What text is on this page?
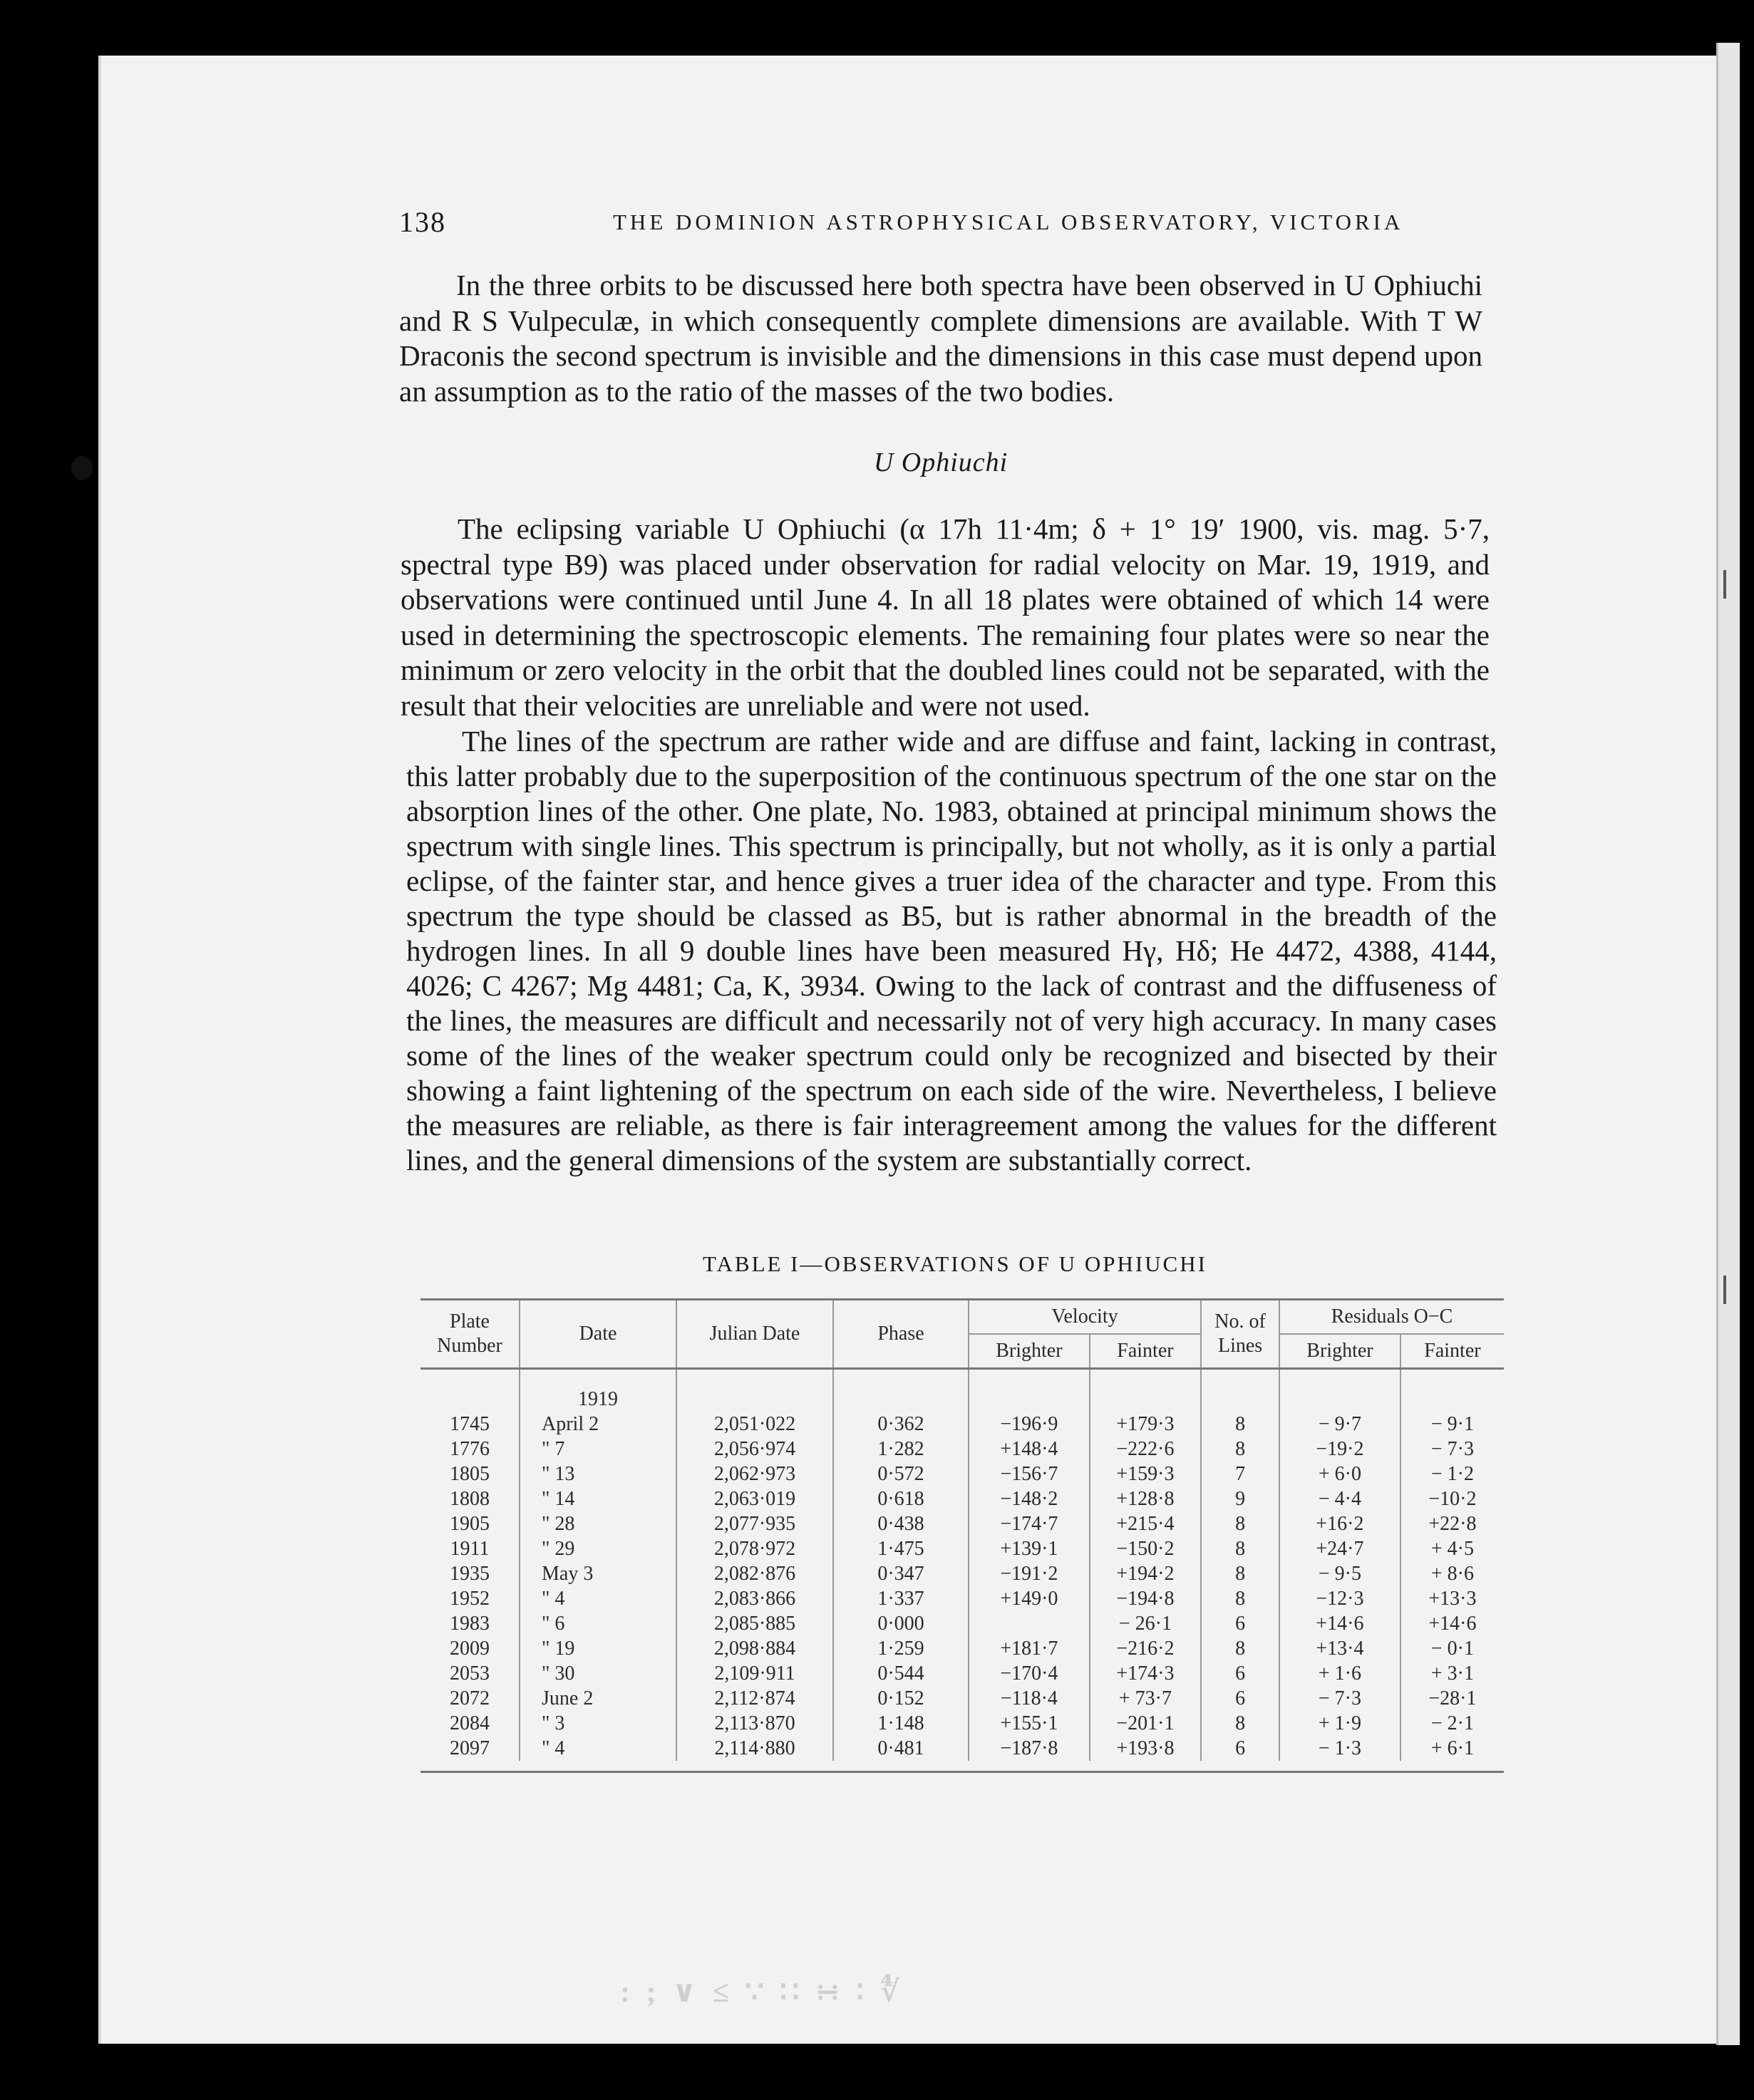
138	THE DOMINION ASTROPHYSICAL OBSERVATORY, VICTORIA

In the three orbits to be discussed here both spectra have been observed in U Ophiuchi and R S Vulpeculæ, in which consequently complete dimensions are available. With T W Draconis the second spectrum is invisible and the dimensions in this case must depend upon an assumption as to the ratio of the masses of the two bodies.

U Ophiuchi

The eclipsing variable U Ophiuchi (α 17h 11·4m; δ + 1° 19′ 1900, vis. mag. 5·7, spectral type B9) was placed under observation for radial velocity on Mar. 19, 1919, and observations were continued until June 4. In all 18 plates were obtained of which 14 were used in determining the spectroscopic elements. The remaining four plates were so near the minimum or zero velocity in the orbit that the doubled lines could not be separated, with the result that their velocities are unreliable and were not used.

The lines of the spectrum are rather wide and are diffuse and faint, lacking in contrast, this latter probably due to the superposition of the continuous spectrum of the one star on the absorption lines of the other. One plate, No. 1983, obtained at principal minimum shows the spectrum with single lines. This spectrum is principally, but not wholly, as it is only a partial eclipse, of the fainter star, and hence gives a truer idea of the character and type. From this spectrum the type should be classed as B5, but is rather abnormal in the breadth of the hydrogen lines. In all 9 double lines have been measured Hγ, Hδ; He 4472, 4388, 4144, 4026; C 4267; Mg 4481; Ca, K, 3934. Owing to the lack of contrast and the diffuseness of the lines, the measures are difficult and necessarily not of very high accuracy. In many cases some of the lines of the weaker spectrum could only be recognized and bisected by their showing a faint lightening of the spectrum on each side of the wire. Nevertheless, I believe the measures are reliable, as there is fair interagreement among the values for the different lines, and the general dimensions of the system are substantially correct.

TABLE I—OBSERVATIONS OF U OPHIUCHI
Plate Number	Date	Julian Date	Phase	Velocity		No. of Lines	Residuals O−C	
				Brighter	Fainter		Brighter	Fainter
	1919							
1745	April 2	2,051·022	0·362	−196·9	+179·3	8	− 9·7	− 9·1
1776	" 7	2,056·974	1·282	+148·4	−222·6	8	−19·2	− 7·3
1805	" 13	2,062·973	0·572	−156·7	+159·3	7	+ 6·0	− 1·2
1808	" 14	2,063·019	0·618	−148·2	+128·8	9	− 4·4	−10·2
1905	" 28	2,077·935	0·438	−174·7	+215·4	8	+16·2	+22·8
1911	" 29	2,078·972	1·475	+139·1	−150·2	8	+24·7	+ 4·5
1935	May 3	2,082·876	0·347	−191·2	+194·2	8	− 9·5	+ 8·6
1952	" 4	2,083·866	1·337	+149·0	−194·8	8	−12·3	+13·3
1983	" 6	2,085·885	0·000		− 26·1	6	+14·6	+14·6
2009	" 19	2,098·884	1·259	+181·7	−216·2	8	+13·4	− 0·1
2053	" 30	2,109·911	0·544	−170·4	+174·3	6	+ 1·6	+ 3·1
2072	June 2	2,112·874	0·152	−118·4	+ 73·7	6	− 7·3	−28·1
2084	" 3	2,113·870	1·148	+155·1	−201·1	8	+ 1·9	− 2·1
2097	" 4	2,114·880	0·481	−187·8	+193·8	6	− 1·3	+ 6·1

: ; ∨ ≤ ∵ ∷ ∺ ∶ ∜
